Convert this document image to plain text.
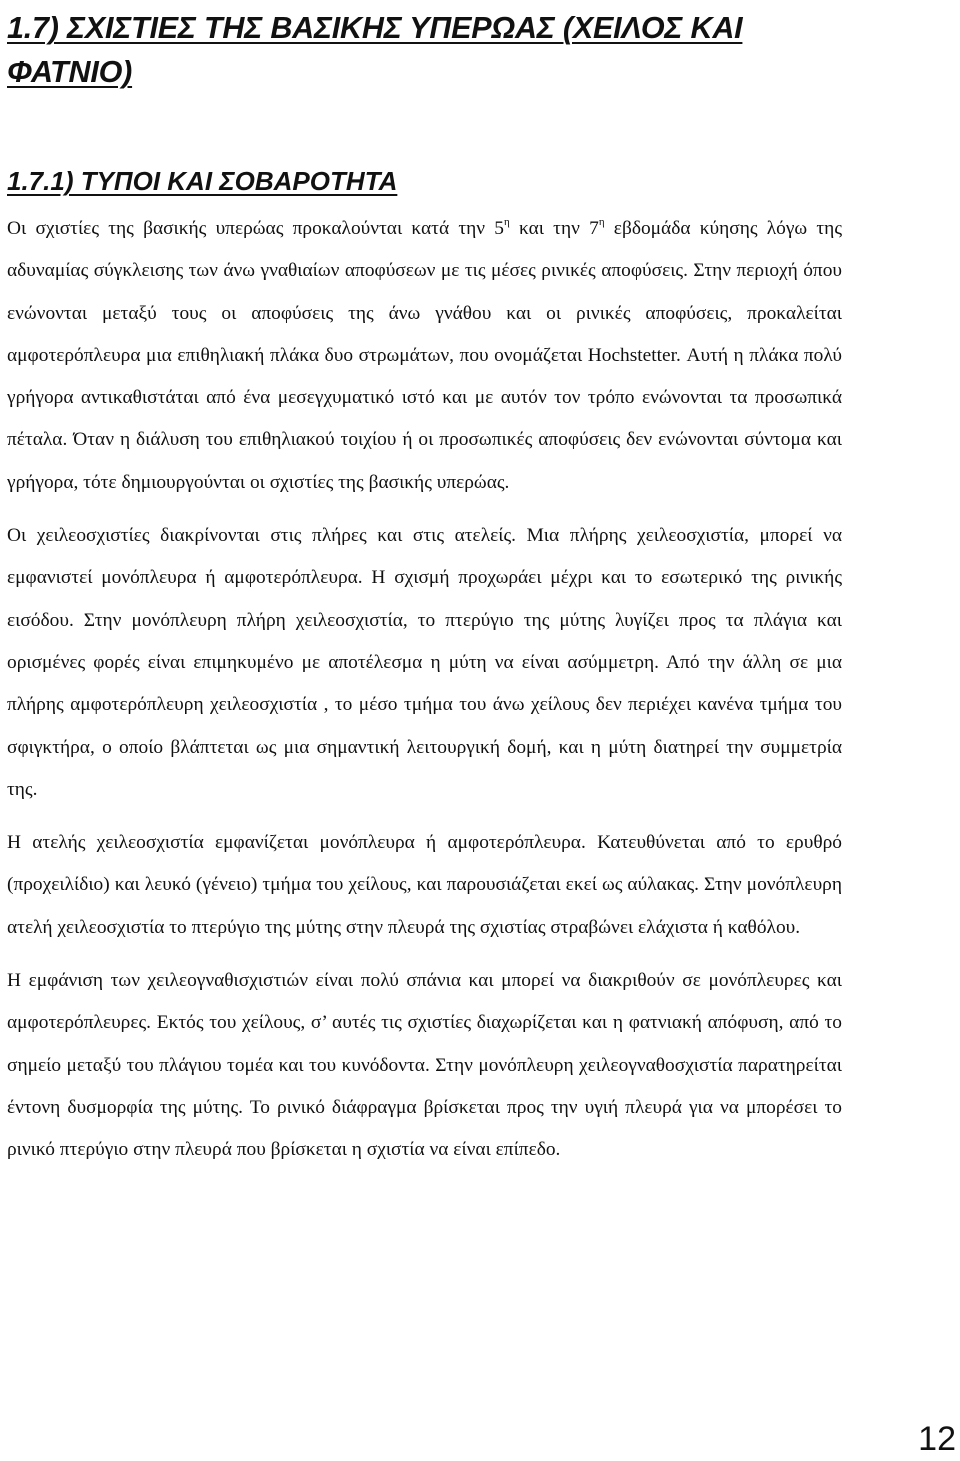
1.7) ΣΧΙΣΤΙΕΣ ΤΗΣ ΒΑΣΙΚΗΣ ΥΠΕΡΩΑΣ (ΧΕΙΛΟΣ ΚΑΙ ΦΑΤΝΙΟ)
1.7.1) ΤΥΠΟΙ ΚΑΙ ΣΟΒΑΡΟΤΗΤΑ

Οι σχιστίες της βασικής υπερώας προκαλούνται κατά την $5^\eta$ και την $7^\eta$ εβδομάδα κύησης λόγω της αδυναμίας σύγκλεισης των άνω γναθιαίων αποφύσεων με τις μέσες ρινικές αποφύσεις. Στην περιοχή όπου ενώνονται μεταξύ τους οι αποφύσεις της άνω γνάθου και οι ρινικές αποφύσεις, προκαλείται αμφοτερόπλευρα μια επιθηλιακή πλάκα δυο στρωμάτων, που ονομάζεται Hochstetter. Αυτή η πλάκα πολύ γρήγορα αντικαθιστάται από ένα μεσεγχυματικό ιστό και με αυτόν τον τρόπο ενώνονται τα προσωπικά πέταλα. Όταν η διάλυση του επιθηλιακού τοιχίου ή οι προσωπικές αποφύσεις δεν ενώνονται σύντομα και γρήγορα, τότε δημιουργούνται οι σχιστίες της βασικής υπερώας.

Οι χειλεοσχιστίες διακρίνονται στις πλήρες και στις ατελείς. Μια πλήρης χειλεοσχιστία, μπορεί να εμφανιστεί μονόπλευρα ή αμφοτερόπλευρα. Η σχισμή προχωράει μέχρι και το εσωτερικό της ρινικής εισόδου. Στην μονόπλευρη πλήρη χειλεοσχιστία, το πτερύγιο της μύτης λυγίζει προς τα πλάγια και ορισμένες φορές είναι επιμηκυμένο με αποτέλεσμα η μύτη να είναι ασύμμετρη. Από την άλλη σε μια πλήρης αμφοτερόπλευρη χειλεοσχιστία , το μέσο τμήμα του άνω χείλους δεν περιέχει κανένα τμήμα του σφιγκτήρα, ο οποίο βλάπτεται ως μια σημαντική λειτουργική δομή, και η μύτη διατηρεί την συμμετρία της.

Η ατελής χειλεοσχιστία εμφανίζεται μονόπλευρα ή αμφοτερόπλευρα. Κατευθύνεται από το ερυθρό (προχειλίδιο) και λευκό (γένειο) τμήμα του χείλους, και παρουσιάζεται εκεί ως αύλακας. Στην μονόπλευρη ατελή χειλεοσχιστία το πτερύγιο της μύτης στην πλευρά της σχιστίας στραβώνει ελάχιστα ή καθόλου.

Η εμφάνιση των χειλεογναθισχιστιών είναι πολύ σπάνια και μπορεί να διακριθούν σε μονόπλευρες και αμφοτερόπλευρες. Εκτός του χείλους, σ’ αυτές τις σχιστίες διαχωρίζεται και η φατνιακή απόφυση, από το σημείο μεταξύ του πλάγιου τομέα και του κυνόδοντα. Στην μονόπλευρη χειλεογναθοσχιστία παρατηρείται έντονη δυσμορφία της μύτης. Το ρινικό διάφραγμα βρίσκεται προς την υγιή πλευρά για να μπορέσει το ρινικό πτερύγιο στην πλευρά που βρίσκεται η σχιστία να είναι επίπεδο.

12
